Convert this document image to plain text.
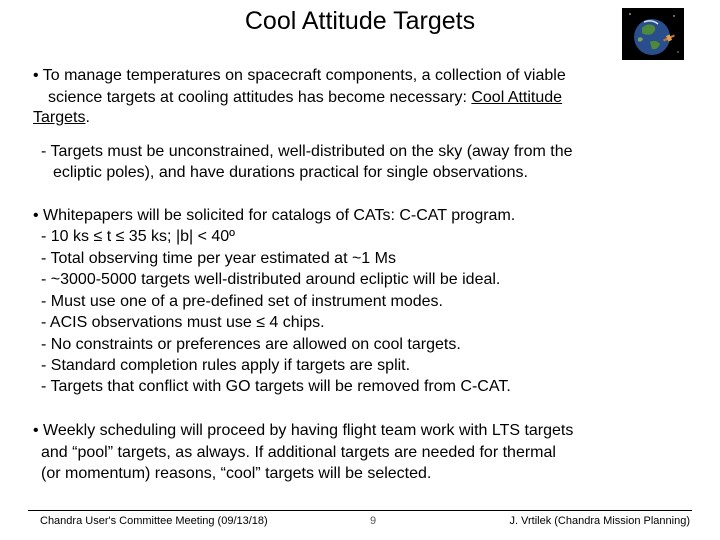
Cool Attitude Targets
• To manage temperatures on spacecraft components, a collection of viable
science targets at cooling attitudes has become necessary: Cool Attitude
Targets.
- Targets must be unconstrained, well-distributed on the sky (away from the
ecliptic poles), and have durations practical for single observations.
• Whitepapers will be solicited for catalogs of CATs: C-CAT program.
- 10 ks ≤ t ≤ 35 ks; |b| < 40º
- Total observing time per year estimated at ~1 Ms
- ~3000-5000 targets well-distributed around ecliptic will be ideal.
- Must use one of a pre-defined set of instrument modes.
- ACIS observations must use ≤ 4 chips.
- No constraints or preferences are allowed on cool targets.
- Standard completion rules apply if targets are split.
- Targets that conflict with GO targets will be removed from C-CAT.
• Weekly scheduling will proceed by having flight team work with LTS targets
and “pool” targets, as always. If additional targets are needed for thermal
(or momentum) reasons, “cool” targets will be selected.
Chandra User's Committee Meeting (09/13/18)	9	J. Vrtilek (Chandra Mission Planning)
